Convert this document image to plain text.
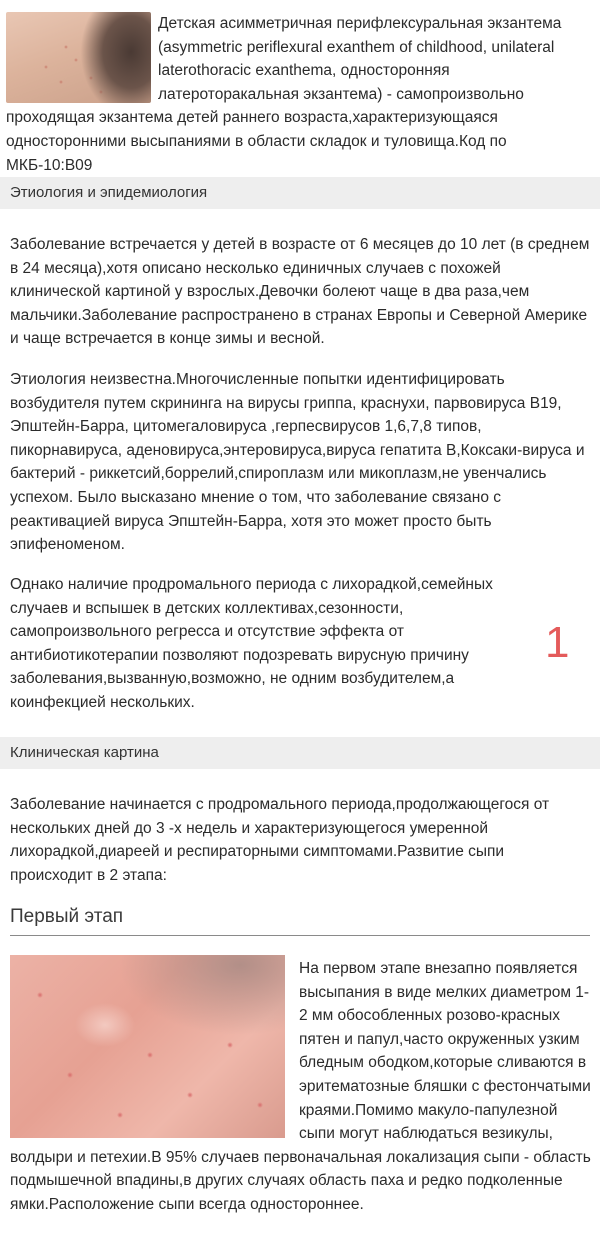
Детская асимметричная перифлексуральная экзантема (asymmetric periflexural exanthem of childhood, unilateral laterothoracic exanthema, односторонняя латероторакальная экзантема) - самопроизвольно проходящая экзантема детей раннего возраста,характеризующаяся односторонними высыпаниями в области складок и туловища.Код по МКБ-10:B09
Этиология и эпидемиология
Заболевание встречается у детей в возрасте от 6 месяцев до 10 лет (в среднем в 24 месяца),хотя описано несколько единичных случаев с похожей клинической картиной у взрослых.Девочки болеют чаще в два раза,чем мальчики.Заболевание распространено в странах Европы и Северной Америке и чаще встречается в конце зимы и весной.
Этиология неизвестна.Многочисленные попытки идентифицировать возбудителя путем скрининга на вирусы гриппа, краснухи, парвовируса B19, Эпштейн-Барра, цитомегаловируса ,герпесвирусов 1,6,7,8 типов, пикорнавируса, аденовируса,энтеровируса,вируса гепатита B,Коксаки-вируса и бактерий - риккетсий,боррелий,спироплазм или микоплазм,не увенчались успехом. Было высказано мнение о том, что заболевание связано с реактивацией вируса Эпштейн-Барра, хотя это может просто быть эпифеноменом.
Однако наличие продромального периода с лихорадкой,семейных случаев и вспышек в детских коллективах,сезонности, самопроизвольного регресса и отсутствие эффекта от антибиотикотерапии позволяют подозревать вирусную причину заболевания,вызванную,возможно, не одним возбудителем,а коинфекцией нескольких.
1
Клиническая картина
Заболевание начинается с продромального периода,продолжающегося от нескольких дней до 3 -х недель и характеризующегося умеренной лихорадкой,диареей и респираторными симптомами.Развитие сыпи происходит в 2 этапа:
Первый этап
На первом этапе внезапно появляется высыпания в виде мелких диаметром 1-2 мм обособленных розово-красных пятен и папул,часто окруженных узким бледным ободком,которые сливаются в эритематозные бляшки с фестончатыми краями.Помимо макуло-папулезной сыпи могут наблюдаться везикулы, волдыри и петехии.В 95% случаев первоначальная локализация сыпи - область подмышечной впадины,в других случаях область паха и редко подколенные ямки.Расположение сыпи всегда одностороннее.
